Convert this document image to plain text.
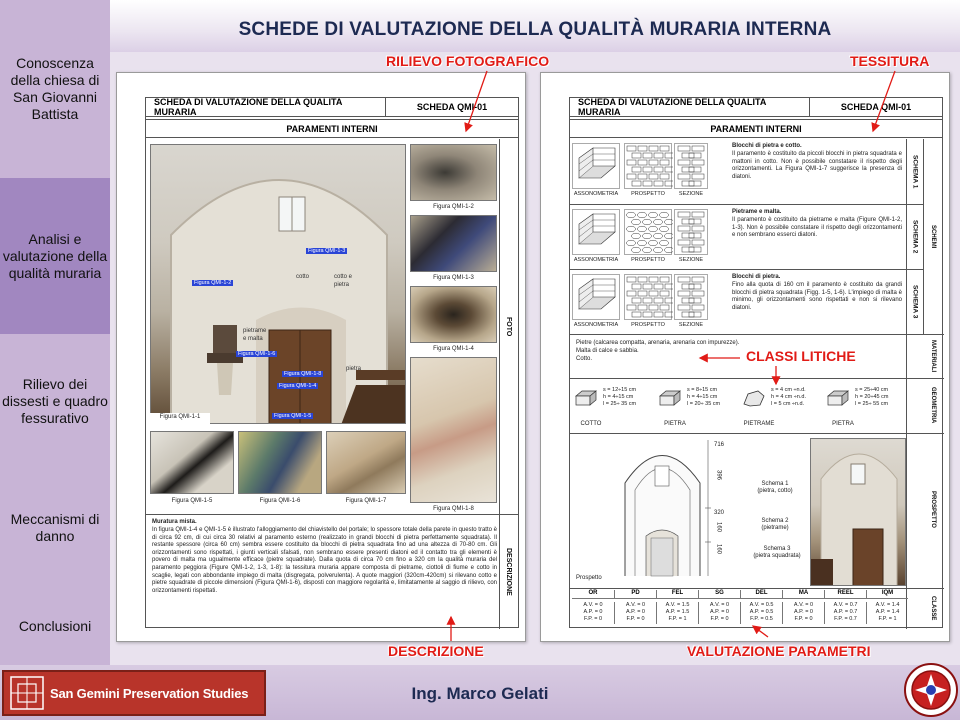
Conoscenza della chiesa di San Giovanni Battista
Analisi e valutazione della qualità muraria
Rilievo dei dissesti e quadro fessurativo
Meccanismi di danno
Conclusioni
SCHEDE DI VALUTAZIONE DELLA QUALITÀ MURARIA INTERNA
SCHEDA DI VALUTAZIONE DELLA QUALITA MURARIA	SCHEDA QMI-01
PARAMENTI INTERNI
FOTO
DESCRIZIONE
Figura QMI-1-3
Figura QMI-1-2
Figura QMI-1-6
Figura QMI-1-8
Figura QMI-1-4
Figura QMI-1-5
cotto	cotto e pietra
pietrame e malta
pietra
Figura QMI-1-1
Figura QMI-1-2
Figura QMI-1-3
Figura QMI-1-4
Figura QMI-1-8
Figura QMI-1-5	Figura QMI-1-6	Figura QMI-1-7
Muratura mista.
In figura QMI-1-4 e QMI-1-5 è illustrato l'alloggiamento del chiavistello del portale; lo spessore totale della parete in questo tratto è di circa 92 cm, di cui circa 30 relativi al paramento esterno (realizzato in grandi blocchi di pietra perfettamente squadrata). Il restante spessore (circa 60 cm) sembra essere costituito da blocchi di pietra squadrata fino ad una altezza di 70-80 cm. Gli orizzontamenti sono rispettati, i giunti verticali sfalsati, non sembrano essere presenti diatoni ed il contatto tra gli elementi è povero di malta ma ugualmente efficace (pietre squadrate). Dalla quota di circa 70 cm fino a 320 cm la qualità muraria del paramento peggiora (Figure QMI-1-2, 1-3, 1-8): la tessitura muraria appare composta di pietrame, ciottoli di fiume e cotto in scaglie, legati con abbondante impiego di malta (disgregata, polverulenta). A quote maggiori (320cm-420cm) si rilevano cotto e pietre squadrate di piccole dimensioni (Figura QMI-1-6), disposti con maggiore regolarità e, limitatamente al saggio di rilievo, con orizzontamenti rispettati.
SCHEDA DI VALUTAZIONE DELLA QUALITA MURARIA	SCHEDA QMI-01
PARAMENTI INTERNI
SCHEMI
ASSONOMETRIA	PROSPETTO	SEZIONE
Blocchi di pietra e cotto.
Il paramento è costituito da piccoli blocchi in pietra squadrata e mattoni in cotto. Non è possibile constatare il rispetto degli orizzontamenti. La Figura QMI-1-7 suggerisce la presenza di diatoni.	SCHEMA 1
ASSONOMETRIA	PROSPETTO	SEZIONE
Pietrame e malta.
Il paramento è costituito da pietrame e malta (Figure QMI-1-2, 1-3). Non è possibile constatare il rispetto degli orizzontamenti e non sembrano esserci diatoni.	SCHEMA 2
ASSONOMETRIA	PROSPETTO	SEZIONE
Blocchi di pietra.
Fino alla quota di 160 cm il paramento è costituito da grandi blocchi di pietra squadrata (Figg. 1-5, 1-6). L'impiego di malta è minimo, gli orizzontamenti sono rispettati e non si rilevano diatoni.	SCHEMA 3
Pietre (calcarea compatta, arenaria, arenaria con impurezze).
Malta di calce e sabbia.
Cotto.	MATERIALI
s = 12÷15 cm
h = 4÷15 cm
l = 25÷ 35 cm
COTTO
s = 8÷15 cm
h = 4÷15 cm
l = 20÷ 35 cm
PIETRA
s = 4 cm ÷n.d.
h = 4 cm ÷n.d.
l = 5 cm ÷n.d.
PIETRAME
s = 25÷40 cm
h = 20÷45 cm
l = 25÷ 55 cm
PIETRA
GEOMETRIA
716
396
320
160
160
Schema 1
(pietra, cotto)
Schema 2
(pietrame)
Schema 3
(pietra squadrata)
Prospetto
PROSPETTO
OR
A.V. = 0
A.P. = 0
F.P. = 0
PD
A.V. = 0
A.P. = 0
F.P. = 0
FEL
A.V. = 1.5
A.P. = 1.5
F.P. = 1
SG
A.V. = 0
A.P. = 0
F.P. = 0
DEL
A.V. = 0.5
A.P. = 0.5
F.P. = 0.5
MA
A.V. = 0
A.P. = 0
F.P. = 0
REEL
A.V. = 0.7
A.P. = 0.7
F.P. = 0.7
IQM
A.V. = 1.4
A.P. = 1.4
F.P. = 1	CLASSE
RILIEVO FOTOGRAFICO	TESSITURA
CLASSI LITICHE
DESCRIZIONE	VALUTAZIONE PARAMETRI
San Gemini Preservation Studies	Ing. Marco Gelati
